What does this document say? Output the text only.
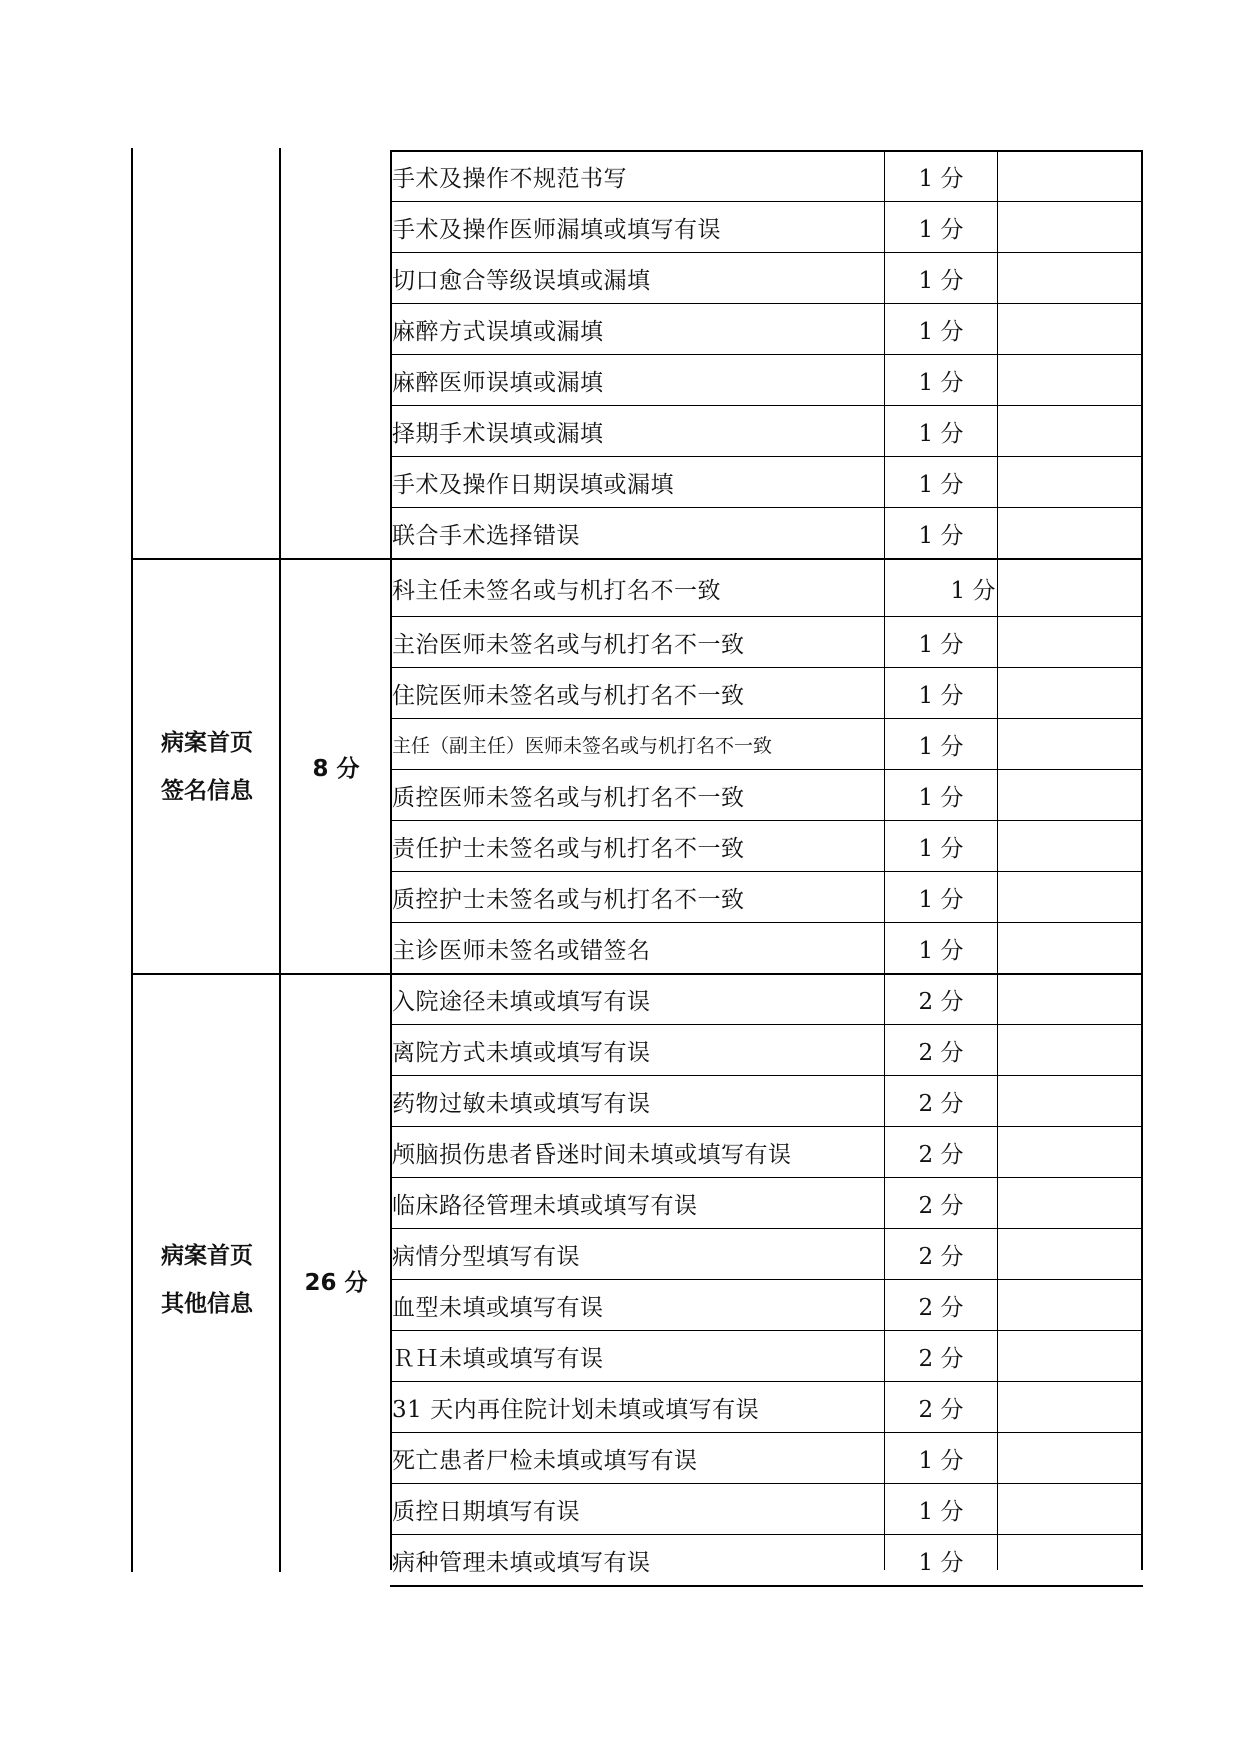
手术及操作不规范书写	1 分
手术及操作医师漏填或填写有误	1 分
切口愈合等级误填或漏填	1 分
麻醉方式误填或漏填	1 分
麻醉医师误填或漏填	1 分
择期手术误填或漏填	1 分
手术及操作日期误填或漏填	1 分
联合手术选择错误	1 分
科主任未签名或与机打名不一致	1 分
主治医师未签名或与机打名不一致	1 分
住院医师未签名或与机打名不一致	1 分
主任（副主任）医师未签名或与机打名不一致	1 分
质控医师未签名或与机打名不一致	1 分
责任护士未签名或与机打名不一致	1 分
质控护士未签名或与机打名不一致	1 分
主诊医师未签名或错签名	1 分
病案首页
签名信息
8 分
入院途径未填或填写有误	2 分
离院方式未填或填写有误	2 分
药物过敏未填或填写有误	2 分
颅脑损伤患者昏迷时间未填或填写有误	2 分
临床路径管理未填或填写有误	2 分
病情分型填写有误	2 分
血型未填或填写有误	2 分
ＲＨ未填或填写有误	2 分
31 天内再住院计划未填或填写有误	2 分
死亡患者尸检未填或填写有误	1 分
质控日期填写有误	1 分
病种管理未填或填写有误	1 分
病案首页
其他信息
26 分
